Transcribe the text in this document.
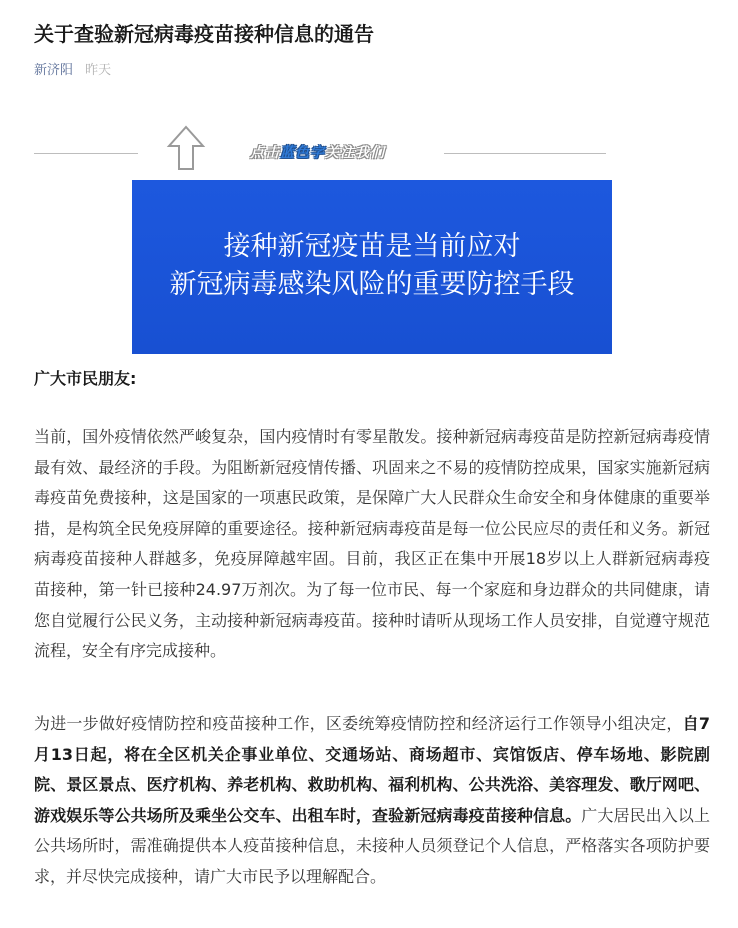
关于查验新冠病毒疫苗接种信息的通告
新济阳 昨天
点击蓝色字关注我们
接种新冠疫苗是当前应对
新冠病毒感染风险的重要防控手段
广大市民朋友:

当前，国外疫情依然严峻复杂，国内疫情时有零星散发。接种新冠病毒疫苗是防控新冠病毒疫情最有效、最经济的手段。为阻断新冠疫情传播、巩固来之不易的疫情防控成果，国家实施新冠病毒疫苗免费接种，这是国家的一项惠民政策，是保障广大人民群众生命安全和身体健康的重要举措，是构筑全民免疫屏障的重要途径。接种新冠病毒疫苗是每一位公民应尽的责任和义务。新冠病毒疫苗接种人群越多，免疫屏障越牢固。目前，我区正在集中开展18岁以上人群新冠病毒疫苗接种，第一针已接种24.97万剂次。为了每一位市民、每一个家庭和身边群众的共同健康，请您自觉履行公民义务，主动接种新冠病毒疫苗。接种时请听从现场工作人员安排，自觉遵守规范流程，安全有序完成接种。

为进一步做好疫情防控和疫苗接种工作，区委统筹疫情防控和经济运行工作领导小组决定，自7月13日起，将在全区机关企事业单位、交通场站、商场超市、宾馆饭店、停车场地、影院剧院、景区景点、医疗机构、养老机构、救助机构、福利机构、公共洗浴、美容理发、歌厅网吧、游戏娱乐等公共场所及乘坐公交车、出租车时，查验新冠病毒疫苗接种信息。广大居民出入以上公共场所时，需准确提供本人疫苗接种信息，未接种人员须登记个人信息，严格落实各项防护要求，并尽快完成接种，请广大市民予以理解配合。
